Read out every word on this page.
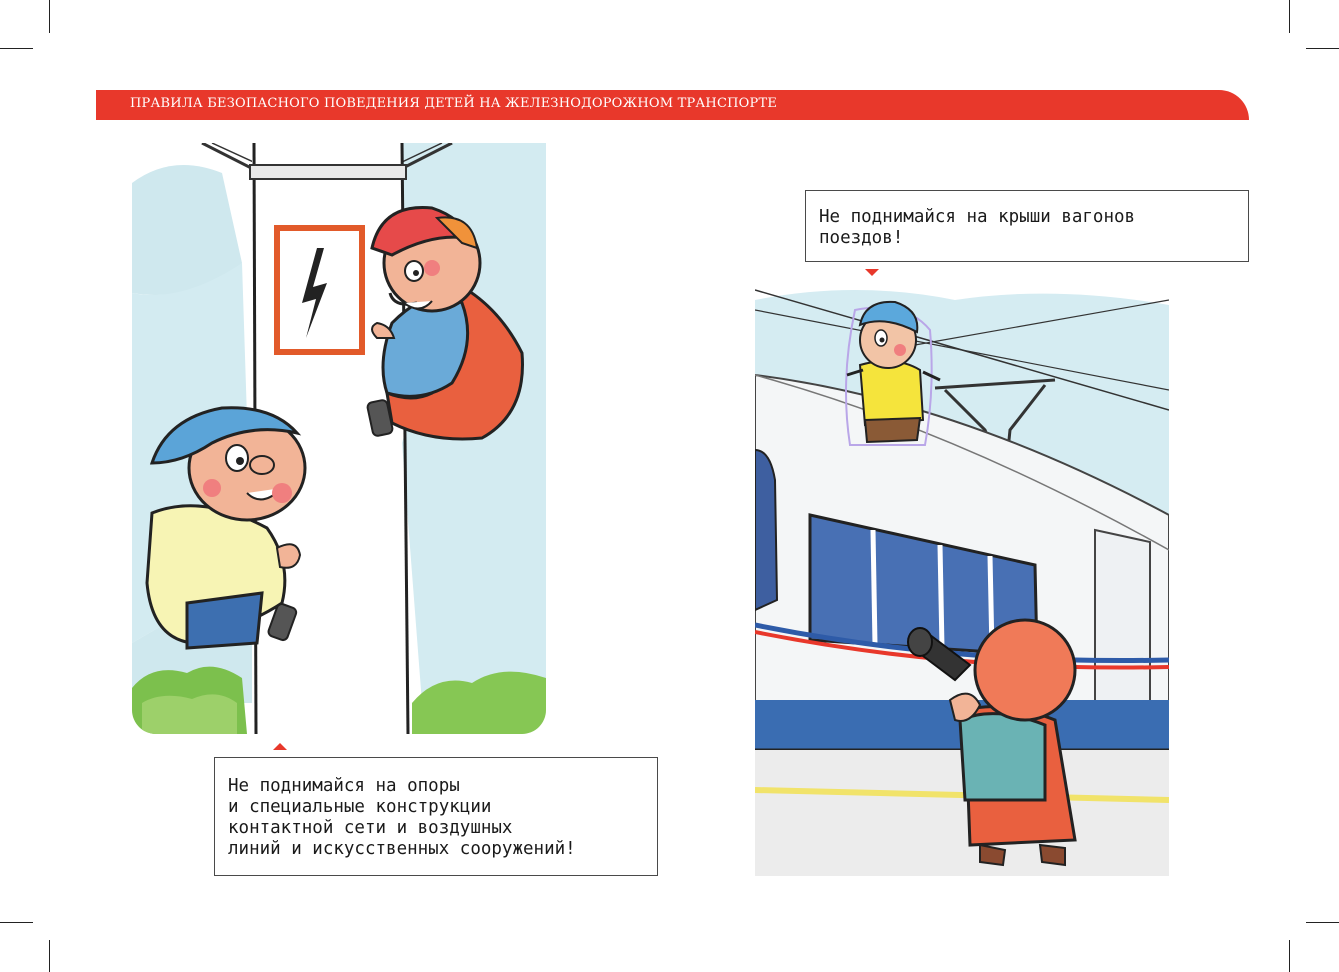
ПРАВИЛА БЕЗОПАСНОГО ПОВЕДЕНИЯ ДЕТЕЙ НА ЖЕЛЕЗНОДОРОЖНОМ ТРАНСПОРТЕ
Не поднимайся на опоры
и специальные конструкции
контактной сети и воздушных
линий и искусственных сооружений!
Не поднимайся на крыши вагонов
поездов!
